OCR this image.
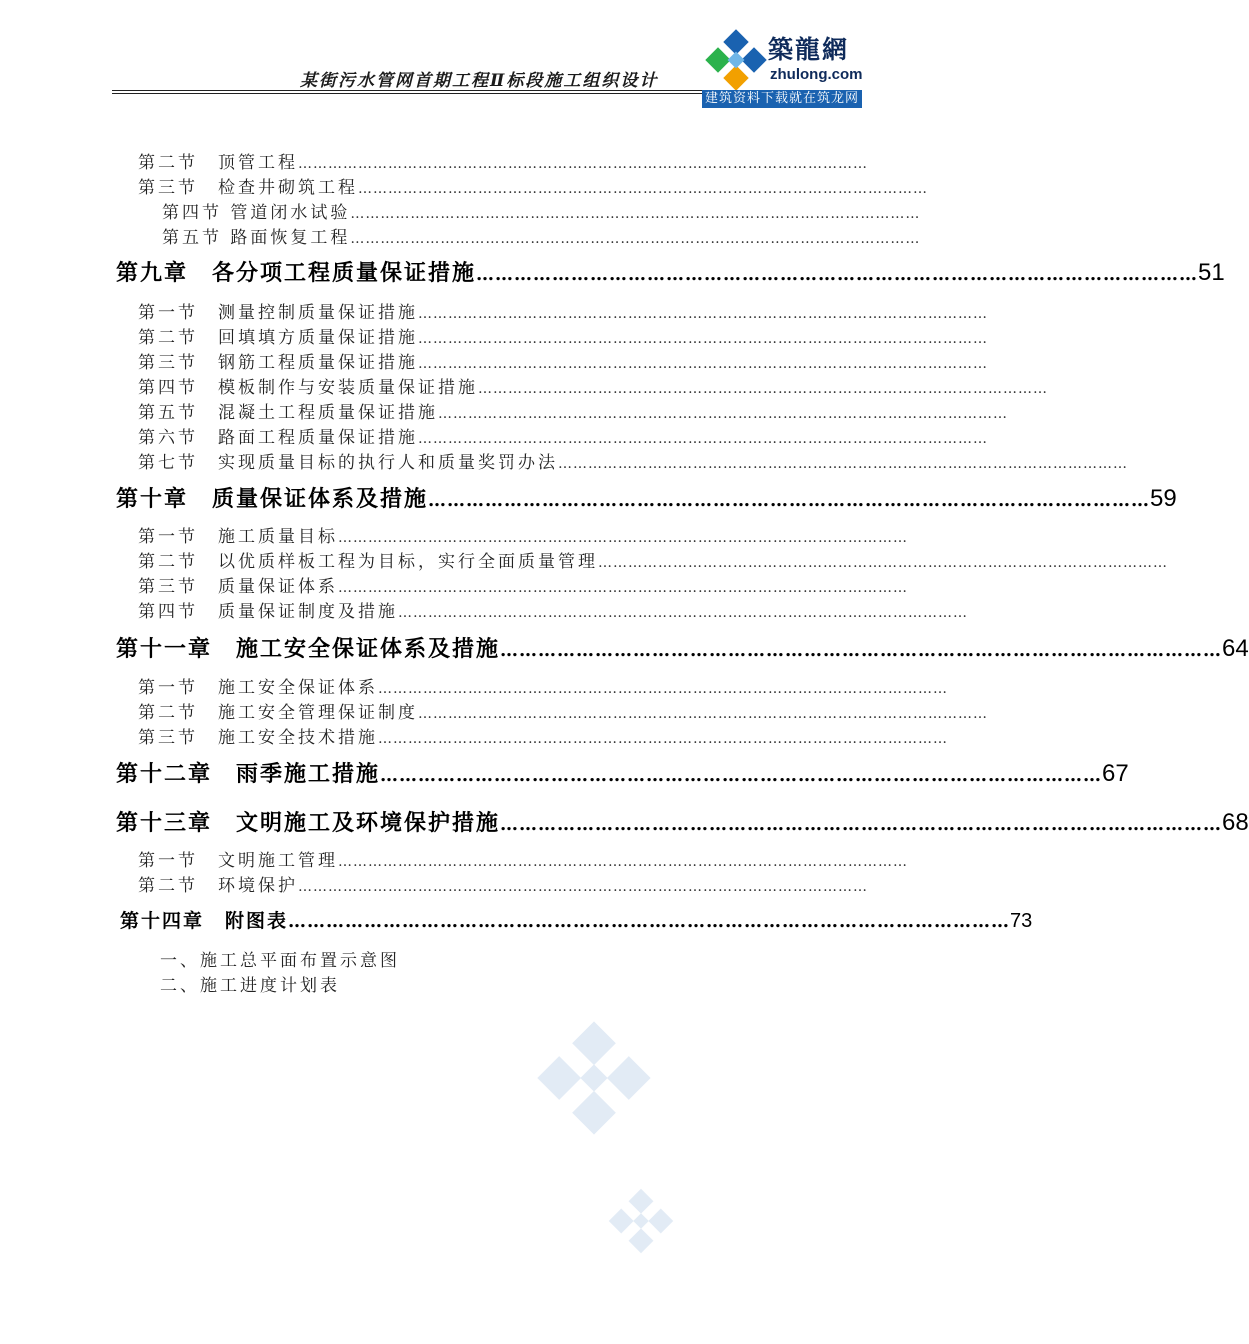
某街污水管网首期工程Ⅱ标段施工组织设计
築龍網
zhulong.com
建筑资料下载就在筑龙网
第二节　顶管工程 ……………………………………………………………………………………………………
第三节　检查井砌筑工程 ……………………………………………………………………………………………………
第四节 管道闭水试验 ……………………………………………………………………………………………………
第五节 路面恢复工程 ……………………………………………………………………………………………………
第九章　各分项工程质量保证措施 …………………………………………………………………………………………………… 51
第一节　测量控制质量保证措施 ……………………………………………………………………………………………………
第二节　回填填方质量保证措施 ……………………………………………………………………………………………………
第三节　钢筋工程质量保证措施 ……………………………………………………………………………………………………
第四节　模板制作与安装质量保证措施 ……………………………………………………………………………………………………
第五节　混凝土工程质量保证措施 ……………………………………………………………………………………………………
第六节　路面工程质量保证措施 ……………………………………………………………………………………………………
第七节　实现质量目标的执行人和质量奖罚办法 ……………………………………………………………………………………………………
第十章　质量保证体系及措施 …………………………………………………………………………………………………… 59
第一节　施工质量目标 ……………………………………………………………………………………………………
第二节　以优质样板工程为目标，实行全面质量管理 ……………………………………………………………………………………………………
第三节　质量保证体系 ……………………………………………………………………………………………………
第四节　质量保证制度及措施 ……………………………………………………………………………………………………
第十一章　施工安全保证体系及措施 …………………………………………………………………………………………………… 64
第一节　施工安全保证体系 ……………………………………………………………………………………………………
第二节　施工安全管理保证制度 ……………………………………………………………………………………………………
第三节　施工安全技术措施 ……………………………………………………………………………………………………
第十二章　雨季施工措施 …………………………………………………………………………………………………… 67
第十三章　文明施工及环境保护措施 …………………………………………………………………………………………………… 68
第一节　文明施工管理 ……………………………………………………………………………………………………
第二节　环境保护 ……………………………………………………………………………………………………
第十四章　附图表 …………………………………………………………………………………………………… 73
一、施工总平面布置示意图
二、施工进度计划表
